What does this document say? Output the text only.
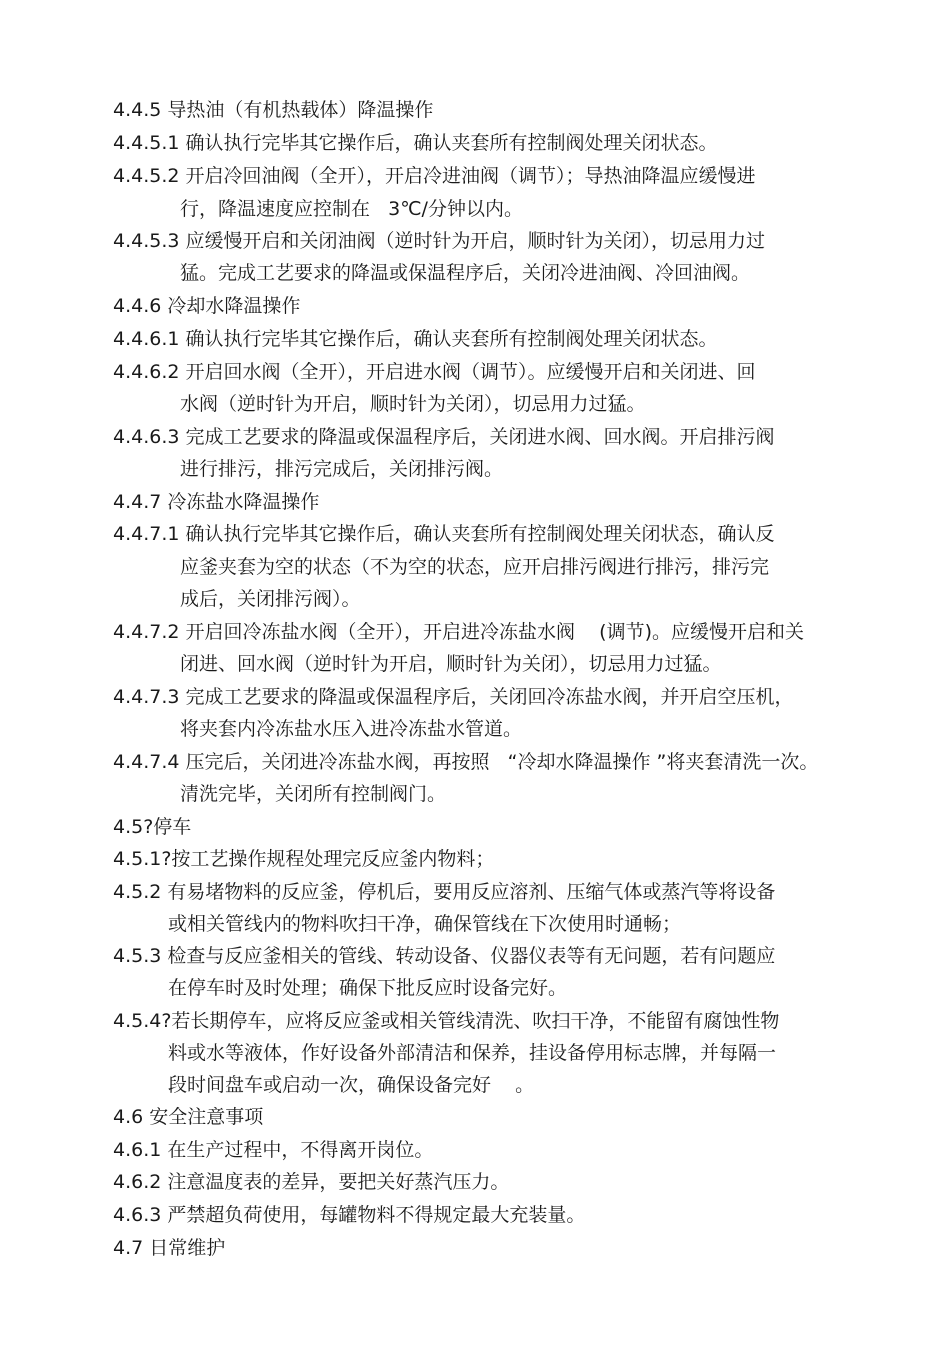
4.4.5 导热油（有机热载体）降温操作
4.4.5.1 确认执行完毕其它操作后，确认夹套所有控制阀处理关闭状态。
4.4.5.2 开启冷回油阀（全开），开启冷进油阀（调节）；导热油降温应缓慢进
行，降温速度应控制在   3℃/分钟以内。
4.4.5.3 应缓慢开启和关闭油阀（逆时针为开启，顺时针为关闭），切忌用力过
猛。完成工艺要求的降温或保温程序后，关闭冷进油阀、冷回油阀。
4.4.6 冷却水降温操作
4.4.6.1 确认执行完毕其它操作后，确认夹套所有控制阀处理关闭状态。
4.4.6.2 开启回水阀（全开），开启进水阀（调节）。应缓慢开启和关闭进、回
水阀（逆时针为开启，顺时针为关闭），切忌用力过猛。
4.4.6.3 完成工艺要求的降温或保温程序后，关闭进水阀、回水阀。开启排污阀
进行排污，排污完成后，关闭排污阀。
4.4.7 冷冻盐水降温操作
4.4.7.1 确认执行完毕其它操作后，确认夹套所有控制阀处理关闭状态，确认反
应釜夹套为空的状态（不为空的状态，应开启排污阀进行排污，排污完
成后，关闭排污阀）。
4.4.7.2 开启回冷冻盐水阀（全开），开启进冷冻盐水阀    (调节)。应缓慢开启和关
闭进、回水阀（逆时针为开启，顺时针为关闭），切忌用力过猛。
4.4.7.3 完成工艺要求的降温或保温程序后，关闭回冷冻盐水阀，并开启空压机，
将夹套内冷冻盐水压入进冷冻盐水管道。
4.4.7.4 压完后，关闭进冷冻盐水阀，再按照   “冷却水降温操作 ”将夹套清洗一次。
清洗完毕，关闭所有控制阀门。
4.5?停车
4.5.1?按工艺操作规程处理完反应釜内物料；
4.5.2 有易堵物料的反应釜，停机后，要用反应溶剂、压缩气体或蒸汽等将设备
或相关管线内的物料吹扫干净，确保管线在下次使用时通畅；
4.5.3 检查与反应釜相关的管线、转动设备、仪器仪表等有无问题，若有问题应
在停车时及时处理；确保下批反应时设备完好。
4.5.4?若长期停车，应将反应釜或相关管线清洗、吹扫干净，不能留有腐蚀性物
料或水等液体，作好设备外部清洁和保养，挂设备停用标志牌，并每隔一
段时间盘车或启动一次，确保设备完好    。
4.6 安全注意事项
4.6.1 在生产过程中，不得离开岗位。
4.6.2 注意温度表的差异，要把关好蒸汽压力。
4.6.3 严禁超负荷使用，每罐物料不得规定最大充装量。
4.7 日常维护
